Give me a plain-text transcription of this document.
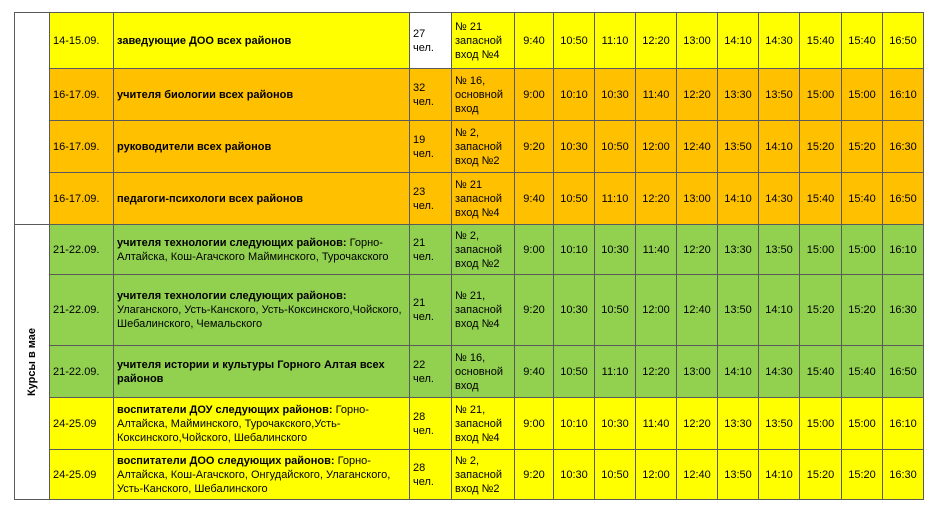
	14-15.09.	заведующие ДОО всех районов	27 чел.	№ 21
запасной
вход №4	9:40	10:50	11:10	12:20	13:00	14:10	14:30	15:40	15:40	16:50
	16-17.09.	учителя биологии всех районов	32 чел.	№ 16,
основной
вход	9:00	10:10	10:30	11:40	12:20	13:30	13:50	15:00	15:00	16:10
	16-17.09.	руководители всех районов	19 чел.	№ 2,
запасной
вход №2	9:20	10:30	10:50	12:00	12:40	13:50	14:10	15:20	15:20	16:30
	16-17.09.	педагоги-психологи всех районов	23 чел.	№ 21
запасной
вход №4	9:40	10:50	11:10	12:20	13:00	14:10	14:30	15:40	15:40	16:50

Курсы в мае	21-22.09.	учителя технологии следующих районов: Горно-Алтайска, Кош-Агачского Майминского, Турочакского	21 чел.	№ 2,
запасной
вход №2	9:00	10:10	10:30	11:40	12:20	13:30	13:50	15:00	15:00	16:10
	21-22.09.	учителя технологии следующих районов: Улаганского, Усть-Канского, Усть-Коксинского,Чойского, Шебалинского, Чемальского	21 чел.	№ 21,
запасной
вход №4	9:20	10:30	10:50	12:00	12:40	13:50	14:10	15:20	15:20	16:30
	21-22.09.	учителя истории и культуры Горного Алтая всех районов	22 чел.	№ 16,
основной
вход	9:40	10:50	11:10	12:20	13:00	14:10	14:30	15:40	15:40	16:50
	24-25.09	воспитатели ДОУ следующих районов: Горно-Алтайска, Майминского, Турочакского,Усть-Коксинского,Чойского, Шебалинского	28 чел.	№ 21,
запасной
вход №4	9:00	10:10	10:30	11:40	12:20	13:30	13:50	15:00	15:00	16:10
	24-25.09	воспитатели ДОО следующих районов: Горно-Алтайска, Кош-Агачского, Онгудайского, Улаганского, Усть-Канского, Шебалинского	28 чел.	№ 2,
запасной
вход №2	9:20	10:30	10:50	12:00	12:40	13:50	14:10	15:20	15:20	16:30
